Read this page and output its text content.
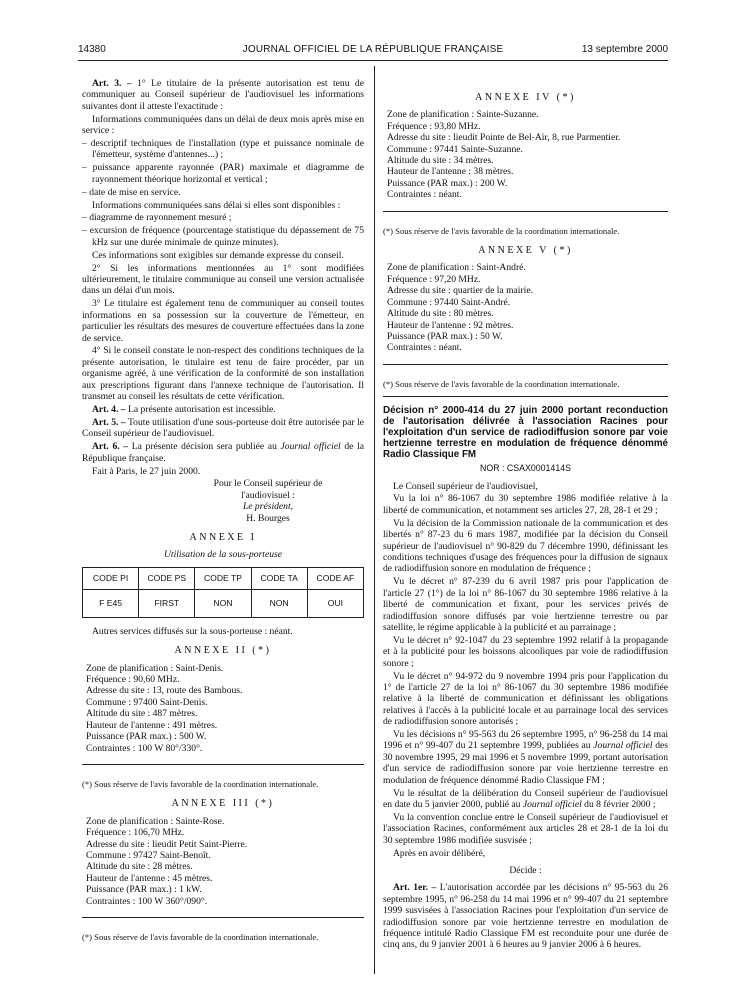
14380	JOURNAL OFFICIEL DE LA RÉPUBLIQUE FRANÇAISE	13 septembre 2000

Art. 3. – 1° Le titulaire de la présente autorisation est tenu de communiquer au Conseil supérieur de l'audiovisuel les informations suivantes dont il atteste l'exactitude :

Informations communiquées dans un délai de deux mois après mise en service :

– descriptif techniques de l'installation (type et puissance nominale de l'émetteur, système d'antennes...) ;

– puissance apparente rayonnée (PAR) maximale et diagramme de rayonnement théorique horizontal et vertical ;

– date de mise en service.

Informations communiquées sans délai si elles sont disponibles :

– diagramme de rayonnement mesuré ;

– excursion de fréquence (pourcentage statistique du dépassement de 75 kHz sur une durée minimale de quinze minutes).

Ces informations sont exigibles sur demande expresse du conseil.

2° Si les informations mentionnées au 1° sont modifiées ultérieurement, le titulaire communique au conseil une version actualisée dans un délai d'un mois.

3° Le titulaire est également tenu de communiquer au conseil toutes informations en sa possession sur la couverture de l'émetteur, en particulier les résultats des mesures de couverture effectuées dans la zone de service.

4° Si le conseil constate le non-respect des conditions techniques de la présente autorisation, le titulaire est tenu de faire procéder, par un organisme agréé, à une vérification de la conformité de son installation aux prescriptions figurant dans l'annexe technique de l'autorisation. Il transmet au conseil les résultats de cette vérification.

Art. 4. – La présente autorisation est incessible.

Art. 5. – Toute utilisation d'une sous-porteuse doit être autorisée par le Conseil supérieur de l'audiovisuel.

Art. 6. – La présente décision sera publiée au Journal officiel de la République française.

Fait à Paris, le 27 juin 2000.

Pour le Conseil supérieur de l'audiovisuel :
Le président,
H. Bourges
ANNEXE I
Utilisation de la sous-porteuse
CODE PI	CODE PS	CODE TP	CODE TA	CODE AF
F E45	FIRST	NON	NON	OUI

Autres services diffusés sur la sous-porteuse : néant.

ANNEXE II (*)

Zone de planification : Saint-Denis.

Fréquence : 90,60 MHz.

Adresse du site : 13, route des Bambous.

Commune : 97400 Saint-Denis.

Altitude du site : 487 mètres.

Hauteur de l'antenne : 491 mètres.

Puissance (PAR max.) : 500 W.

Contraintes : 100 W 80°/330°.

(*) Sous réserve de l'avis favorable de la coordination internationale.

ANNEXE III (*)

Zone de planification : Sainte-Rose.

Fréquence : 106,70 MHz.

Adresse du site : lieudit Petit Saint-Pierre.

Commune : 97427 Saint-Benoît.

Altitude du site : 28 mètres.

Hauteur de l'antenne : 45 mètres.

Puissance (PAR max.) : 1 kW.

Contraintes : 100 W 360°/090°.

(*) Sous réserve de l'avis favorable de la coordination internationale.

ANNEXE IV (*)

Zone de planification : Sainte-Suzanne.

Fréquence : 93,80 MHz.

Adresse du site : lieudit Pointe de Bel-Air, 8, rue Parmentier.

Commune : 97441 Sainte-Suzanne.

Altitude du site : 34 mètres.

Hauteur de l'antenne : 38 mètres.

Puissance (PAR max.) : 200 W.

Contraintes : néant.

(*) Sous réserve de l'avis favorable de la coordination internationale.

ANNEXE V (*)

Zone de planification : Saint-André.

Fréquence : 97,20 MHz.

Adresse du site : quartier de la mairie.

Commune : 97440 Saint-André.

Altitude du site : 80 mètres.

Hauteur de l'antenne : 92 mètres.

Puissance (PAR max.) : 50 W.

Contraintes : néant.

(*) Sous réserve de l'avis favorable de la coordination internationale.

Décision n° 2000-414 du 27 juin 2000 portant reconduction de l'autorisation délivrée à l'association Racines pour l'exploitation d'un service de radiodiffusion sonore par voie hertzienne terrestre en modulation de fréquence dénommé Radio Classique FM

NOR : CSAX0001414S

Le Conseil supérieur de l'audiovisuel,

Vu la loi n° 86-1067 du 30 septembre 1986 modifiée relative à la liberté de communication, et notamment ses articles 27, 28, 28-1 et 29 ;

Vu la décision de la Commission nationale de la communication et des libertés n° 87-23 du 6 mars 1987, modifiée par la décision du Conseil supérieur de l'audiovisuel n° 90-829 du 7 décembre 1990, définissant les conditions techniques d'usage des fréquences pour la diffusion de signaux de radiodiffusion sonore en modulation de fréquence ;

Vu le décret n° 87-239 du 6 avril 1987 pris pour l'application de l'article 27 (1°) de la loi n° 86-1067 du 30 septembre 1986 relative à la liberté de communication et fixant, pour les services privés de radiodiffusion sonore diffusés par voie hertzienne terrestre ou par satellite, le régime applicable à la publicité et au parrainage ;

Vu le décret n° 92-1047 du 23 septembre 1992 relatif à la propagande et à la publicité pour les boissons alcooliques par voie de radiodiffusion sonore ;

Vu le décret n° 94-972 du 9 novembre 1994 pris pour l'application du 1° de l'article 27 de la loi n° 86-1067 du 30 septembre 1986 modifiée relative à la liberté de communication et définissant les obligations relatives à l'accès à la publicité locale et au parrainage local des services de radiodiffusion sonore autorisés ;

Vu les décisions n° 95-563 du 26 septembre 1995, n° 96-258 du 14 mai 1996 et n° 99-407 du 21 septembre 1999, publiées au Journal officiel des 30 novembre 1995, 29 mai 1996 et 5 novembre 1999, portant autorisation d'un service de radiodiffusion sonore par voie hertzienne terrestre en modulation de fréquence dénommé Radio Classique FM ;

Vu le résultat de la délibération du Conseil supérieur de l'audiovisuel en date du 5 janvier 2000, publié au Journal officiel du 8 février 2000 ;

Vu la convention conclue entre le Conseil supérieur de l'audiovisuel et l'association Racines, conformément aux articles 28 et 28-1 de la loi du 30 septembre 1986 modifiée susvisée ;

Après en avoir délibéré,

Décide :

Art. 1er. – L'autorisation accordée par les décisions n° 95-563 du 26 septembre 1995, n° 96-258 du 14 mai 1996 et n° 99-407 du 21 septembre 1999 susvisées à l'association Racines pour l'exploitation d'un service de radiodiffusion sonore par voie hertzienne terrestre en modulation de fréquence intitulé Radio Classique FM est reconduite pour une durée de cinq ans, du 9 janvier 2001 à 6 heures au 9 janvier 2006 à 6 heures.
